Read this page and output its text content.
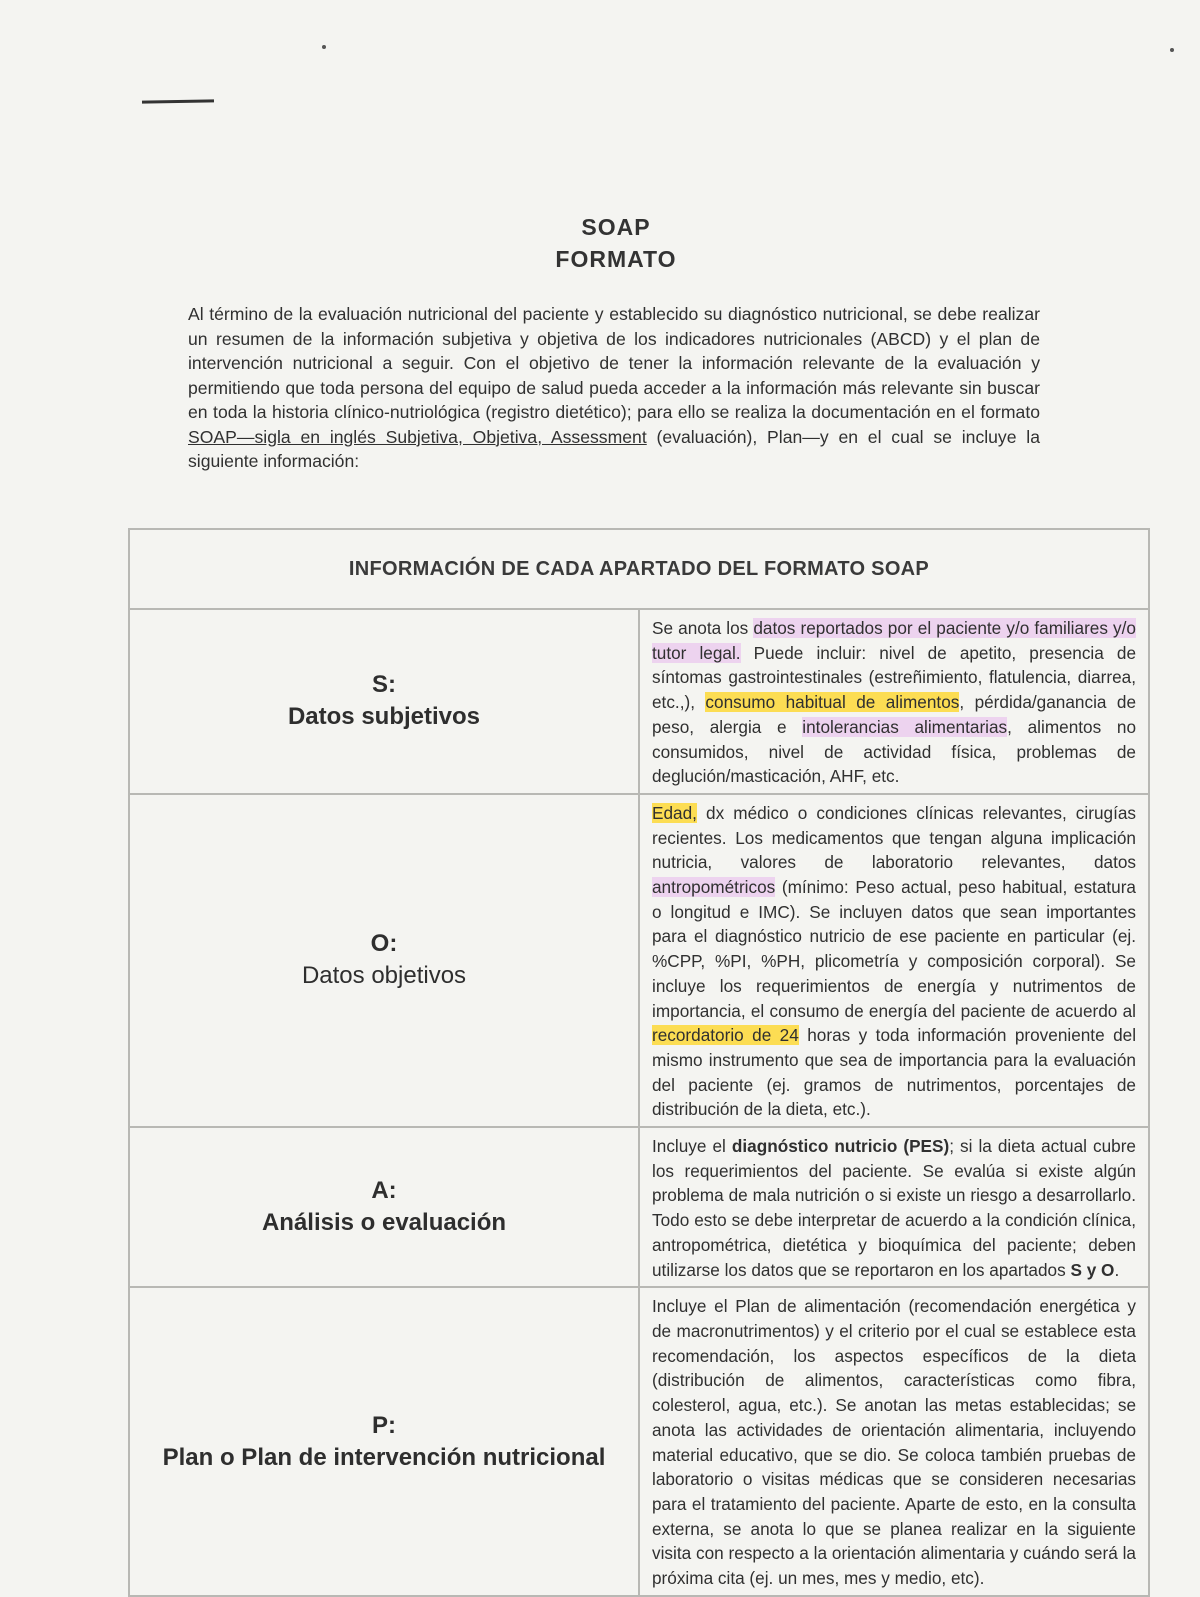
SOAP
FORMATO
Al término de la evaluación nutricional del paciente y establecido su diagnóstico nutricional, se debe realizar un resumen de la información subjetiva y objetiva de los indicadores nutricionales (ABCD) y el plan de intervención nutricional a seguir. Con el objetivo de tener la información relevante de la evaluación y permitiendo que toda persona del equipo de salud pueda acceder a la información más relevante sin buscar en toda la historia clínico-nutriológica (registro dietético); para ello se realiza la documentación en el formato SOAP—sigla en inglés Subjetiva, Objetiva, Assessment (evaluación), Plan—y en el cual se incluye la siguiente información:
INFORMACIÓN DE CADA APARTADO DEL FORMATO SOAP	

S:
Datos subjetivos	Se anota los datos reportados por el paciente y/o familiares y/o tutor legal. Puede incluir: nivel de apetito, presencia de síntomas gastrointestinales (estreñimiento, flatulencia, diarrea, etc.,), consumo habitual de alimentos, pérdida/ganancia de peso, alergia e intolerancias alimentarias, alimentos no consumidos, nivel de actividad física, problemas de deglución/masticación, AHF, etc.

O:
Datos objetivos	Edad, dx médico o condiciones clínicas relevantes, cirugías recientes. Los medicamentos que tengan alguna implicación nutricia, valores de laboratorio relevantes, datos antropométricos (mínimo: Peso actual, peso habitual, estatura o longitud e IMC). Se incluyen datos que sean importantes para el diagnóstico nutricio de ese paciente en particular (ej. %CPP, %PI, %PH, plicometría y composición corporal). Se incluye los requerimientos de energía y nutrimentos de importancia, el consumo de energía del paciente de acuerdo al recordatorio de 24 horas y toda información proveniente del mismo instrumento que sea de importancia para la evaluación del paciente (ej. gramos de nutrimentos, porcentajes de distribución de la dieta, etc.).

A:
Análisis o evaluación	Incluye el diagnóstico nutricio (PES); si la dieta actual cubre los requerimientos del paciente. Se evalúa si existe algún problema de mala nutrición o si existe un riesgo a desarrollarlo. Todo esto se debe interpretar de acuerdo a la condición clínica, antropométrica, dietética y bioquímica del paciente; deben utilizarse los datos que se reportaron en los apartados S y O.

P:
Plan o Plan de intervención nutricional	Incluye el Plan de alimentación (recomendación energética y de macronutrimentos) y el criterio por el cual se establece esta recomendación, los aspectos específicos de la dieta (distribución de alimentos, características como fibra, colesterol, agua, etc.). Se anotan las metas establecidas; se anota las actividades de orientación alimentaria, incluyendo material educativo, que se dio. Se coloca también pruebas de laboratorio o visitas médicas que se consideren necesarias para el tratamiento del paciente. Aparte de esto, en la consulta externa, se anota lo que se planea realizar en la siguiente visita con respecto a la orientación alimentaria y cuándo será la próxima cita (ej. un mes, mes y medio, etc).
